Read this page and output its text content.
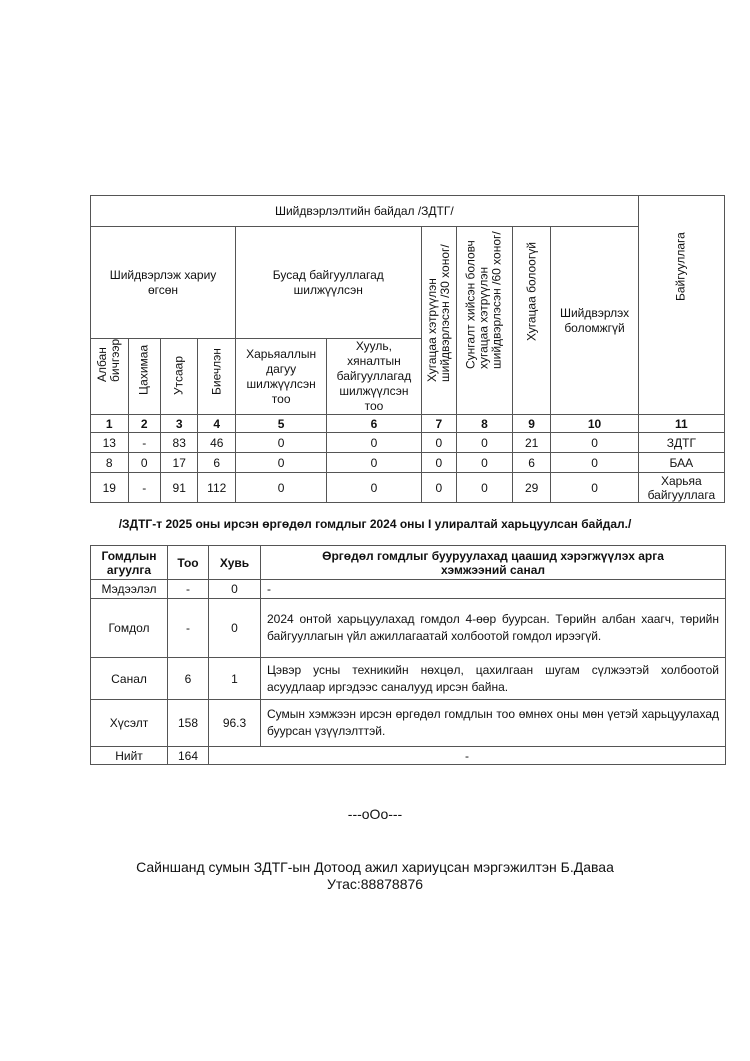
Шийдвэрлэлтийн байдал /ЗДТГ/										Байгууллага

Шийдвэрлэж хариу өгсөн				Бусад байгууллагад шилжүүлсэн		Хугацаа хэтрүүлэн шийдвэрлэсэн /30 хоног/	Сунгалт хийсэн боловч хугацаа хэтрүүлэн шийдвэрлэсэн /60 хоног/	Хугацаа болоогүй	Шийдвэрлэх боломжгүй	

Албан бичгээр	Цахимаа	Утсаар	Биечлэн	Харьяаллын дагуу шилжүүлсэн тоо	Хууль, хяналтын байгууллагад шилжүүлсэн тоо					
1	2	3	4	5	6	7	8	9	10	11
13	-	83	46	0	0	0	0	21	0	ЗДТГ
8	0	17	6	0	0	0	0	6	0	БАА
19	-	91	112	0	0	0	0	29	0	Харьяа байгууллага
/ЗДТГ-т 2025 оны ирсэн өргөдөл гомдлыг 2024 оны I улиралтай харьцуулсан байдал./
Гомдлын агуулга	Тоо	Хувь	Өргөдөл гомдлыг бууруулахад цаашид хэрэгжүүлэх арга хэмжээний санал
Мэдээлэл	-	0	-
Гомдол	-	0	2024 онтой харьцуулахад гомдол 4-өөр буурсан. Төрийн албан хаагч, төрийн байгууллагын үйл ажиллагаатай холбоотой гомдол ирээгүй.
Санал	6	1	Цэвэр усны техникийн нөхцөл, цахилгаан шугам сүлжээтэй холбоотой асуудлаар иргэдээс саналууд ирсэн байна.
Хүсэлт	158	96.3	Сумын хэмжээн ирсэн өргөдөл гомдлын тоо өмнөх оны мөн үетэй харьцуулахад буурсан үзүүлэлттэй.
Нийт	164	-	
---oOo---
Сайншанд сумын ЗДТГ-ын Дотоод ажил хариуцсан мэргэжилтэн Б.Даваа
Утас:88878876
